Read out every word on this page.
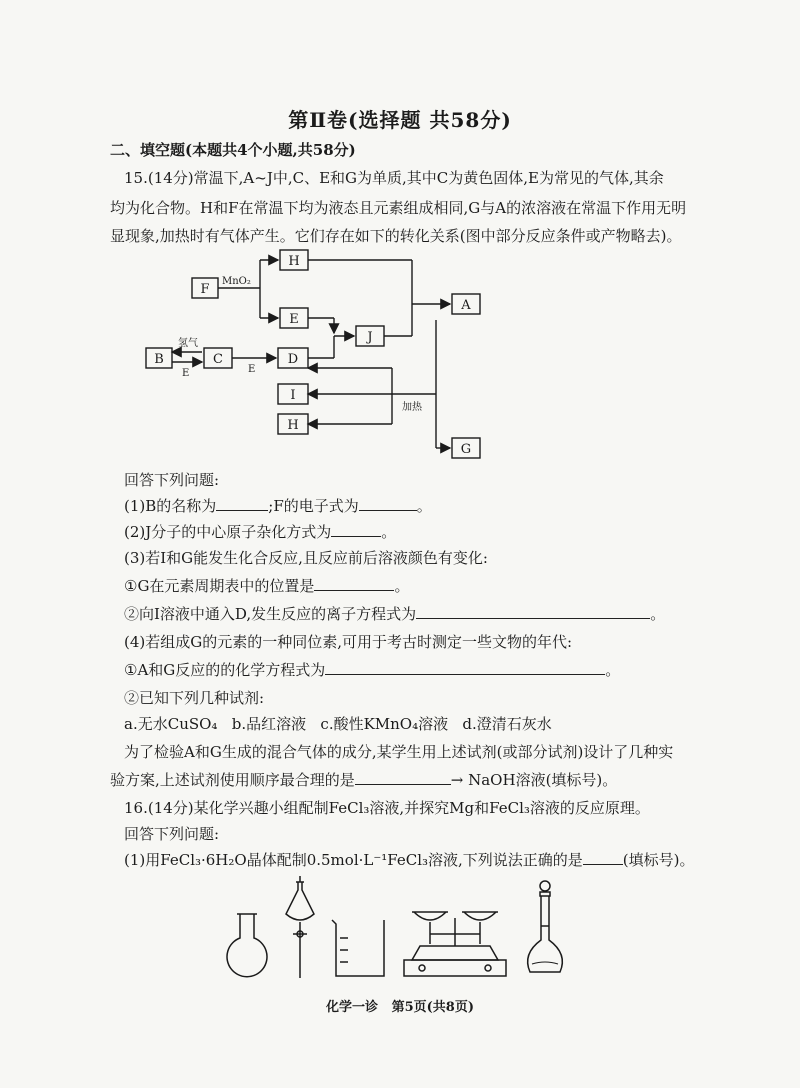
第Ⅱ卷(选择题 共58分)
二、填空题(本题共4个小题,共58分)
15.(14分)常温下,A~J中,C、E和G为单质,其中C为黄色固体,E为常见的气体,其余
均为化合物。H和F在常温下均为液态且元素组成相同,G与A的浓溶液在常温下作用无明
显现象,加热时有气体产生。它们存在如下的转化关系(图中部分反应条件或产物略去)。
F
H
E
J
A
B	C	D
I
H
G
MnO₂
氢气
E	E
加热
回答下列问题:
(1)B的名称为	;F的电子式为	。
(2)J分子的中心原子杂化方式为	。
(3)若I和G能发生化合反应,且反应前后溶液颜色有变化:
①G在元素周期表中的位置是	。
②向I溶液中通入D,发生反应的离子方程式为	。
(4)若组成G的元素的一种同位素,可用于考古时测定一些文物的年代:
①A和G反应的的化学方程式为	。
②已知下列几种试剂:
a.无水CuSO₄   b.品红溶液   c.酸性KMnO₄溶液   d.澄清石灰水
为了检验A和G生成的混合气体的成分,某学生用上述试剂(或部分试剂)设计了几种实
验方案,上述试剂使用顺序最合理的是	→ NaOH溶液(填标号)。
16.(14分)某化学兴趣小组配制FeCl₃溶液,并探究Mg和FeCl₃溶液的反应原理。
回答下列问题:
(1)用FeCl₃·6H₂O晶体配制0.5mol·L⁻¹FeCl₃溶液,下列说法正确的是	(填标号)。
化学一诊   第5页(共8页)
